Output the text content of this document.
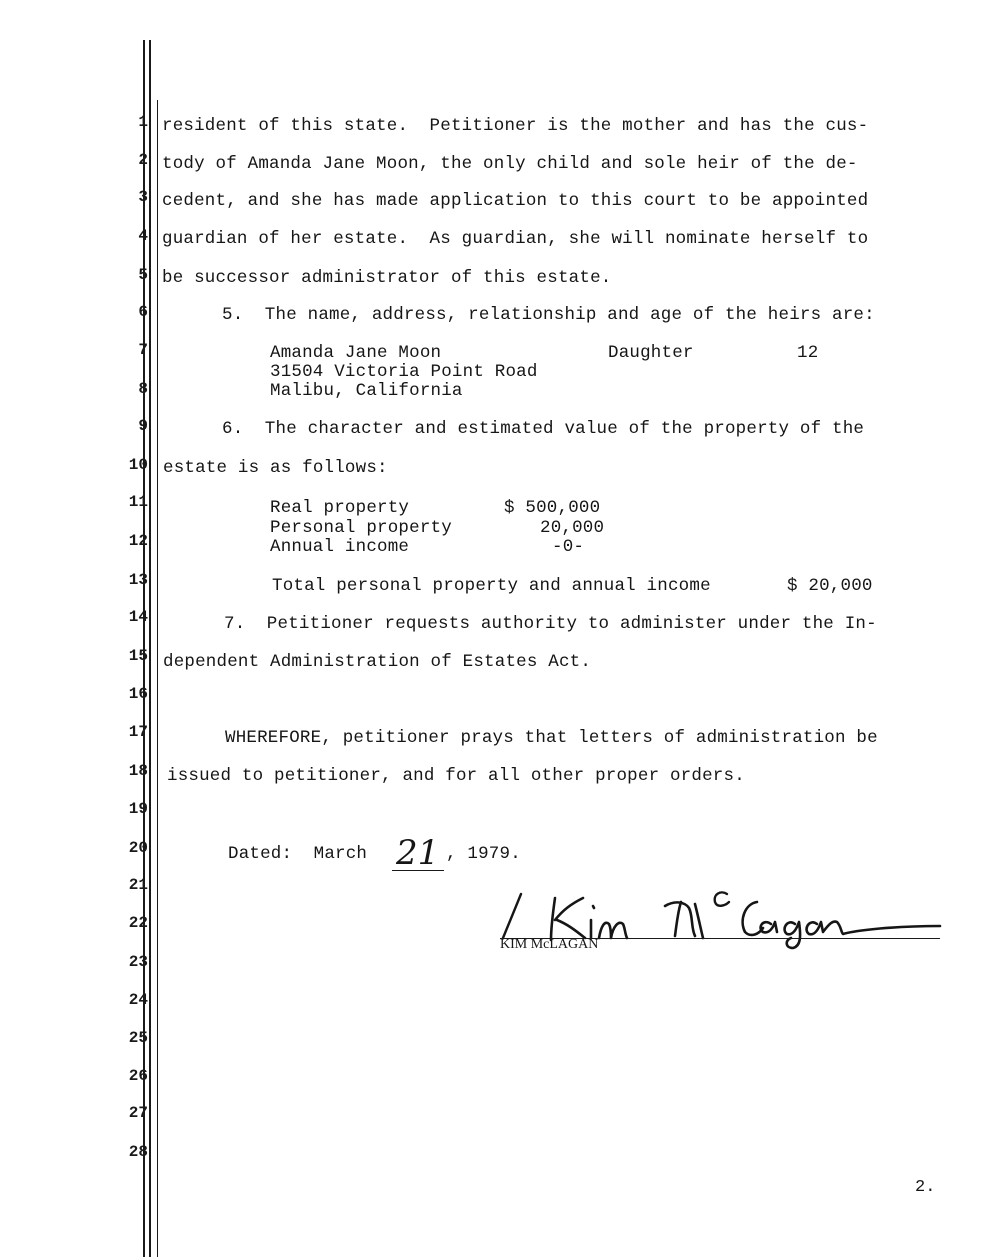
1
2
3
4
5
6
7
8
9
10
11
12
13
14
15
16
17
18
19
20
21
22
23
24
25
26
27
28
resident of this state.  Petitioner is the mother and has the cus-
tody of Amanda Jane Moon, the only child and sole heir of the de-
cedent, and she has made application to this court to be appointed
guardian of her estate.  As guardian, she will nominate herself to
be successor administrator of this estate.
5.  The name, address, relationship and age of the heirs are:
Amanda Jane Moon	Daughter	12
31504 Victoria Point Road
Malibu, California
6.  The character and estimated value of the property of the
estate is as follows:
Real property	$ 500,000
Personal property	20,000
Annual income	-0-
Total personal property and annual income	$ 20,000
7.  Petitioner requests authority to administer under the In-
dependent Administration of Estates Act.
WHEREFORE, petitioner prays that letters of administration be
issued to petitioner, and for all other proper orders.
Dated:  March 21 , 1979.
Kim McLagan
KIM McLAGAN
2.
